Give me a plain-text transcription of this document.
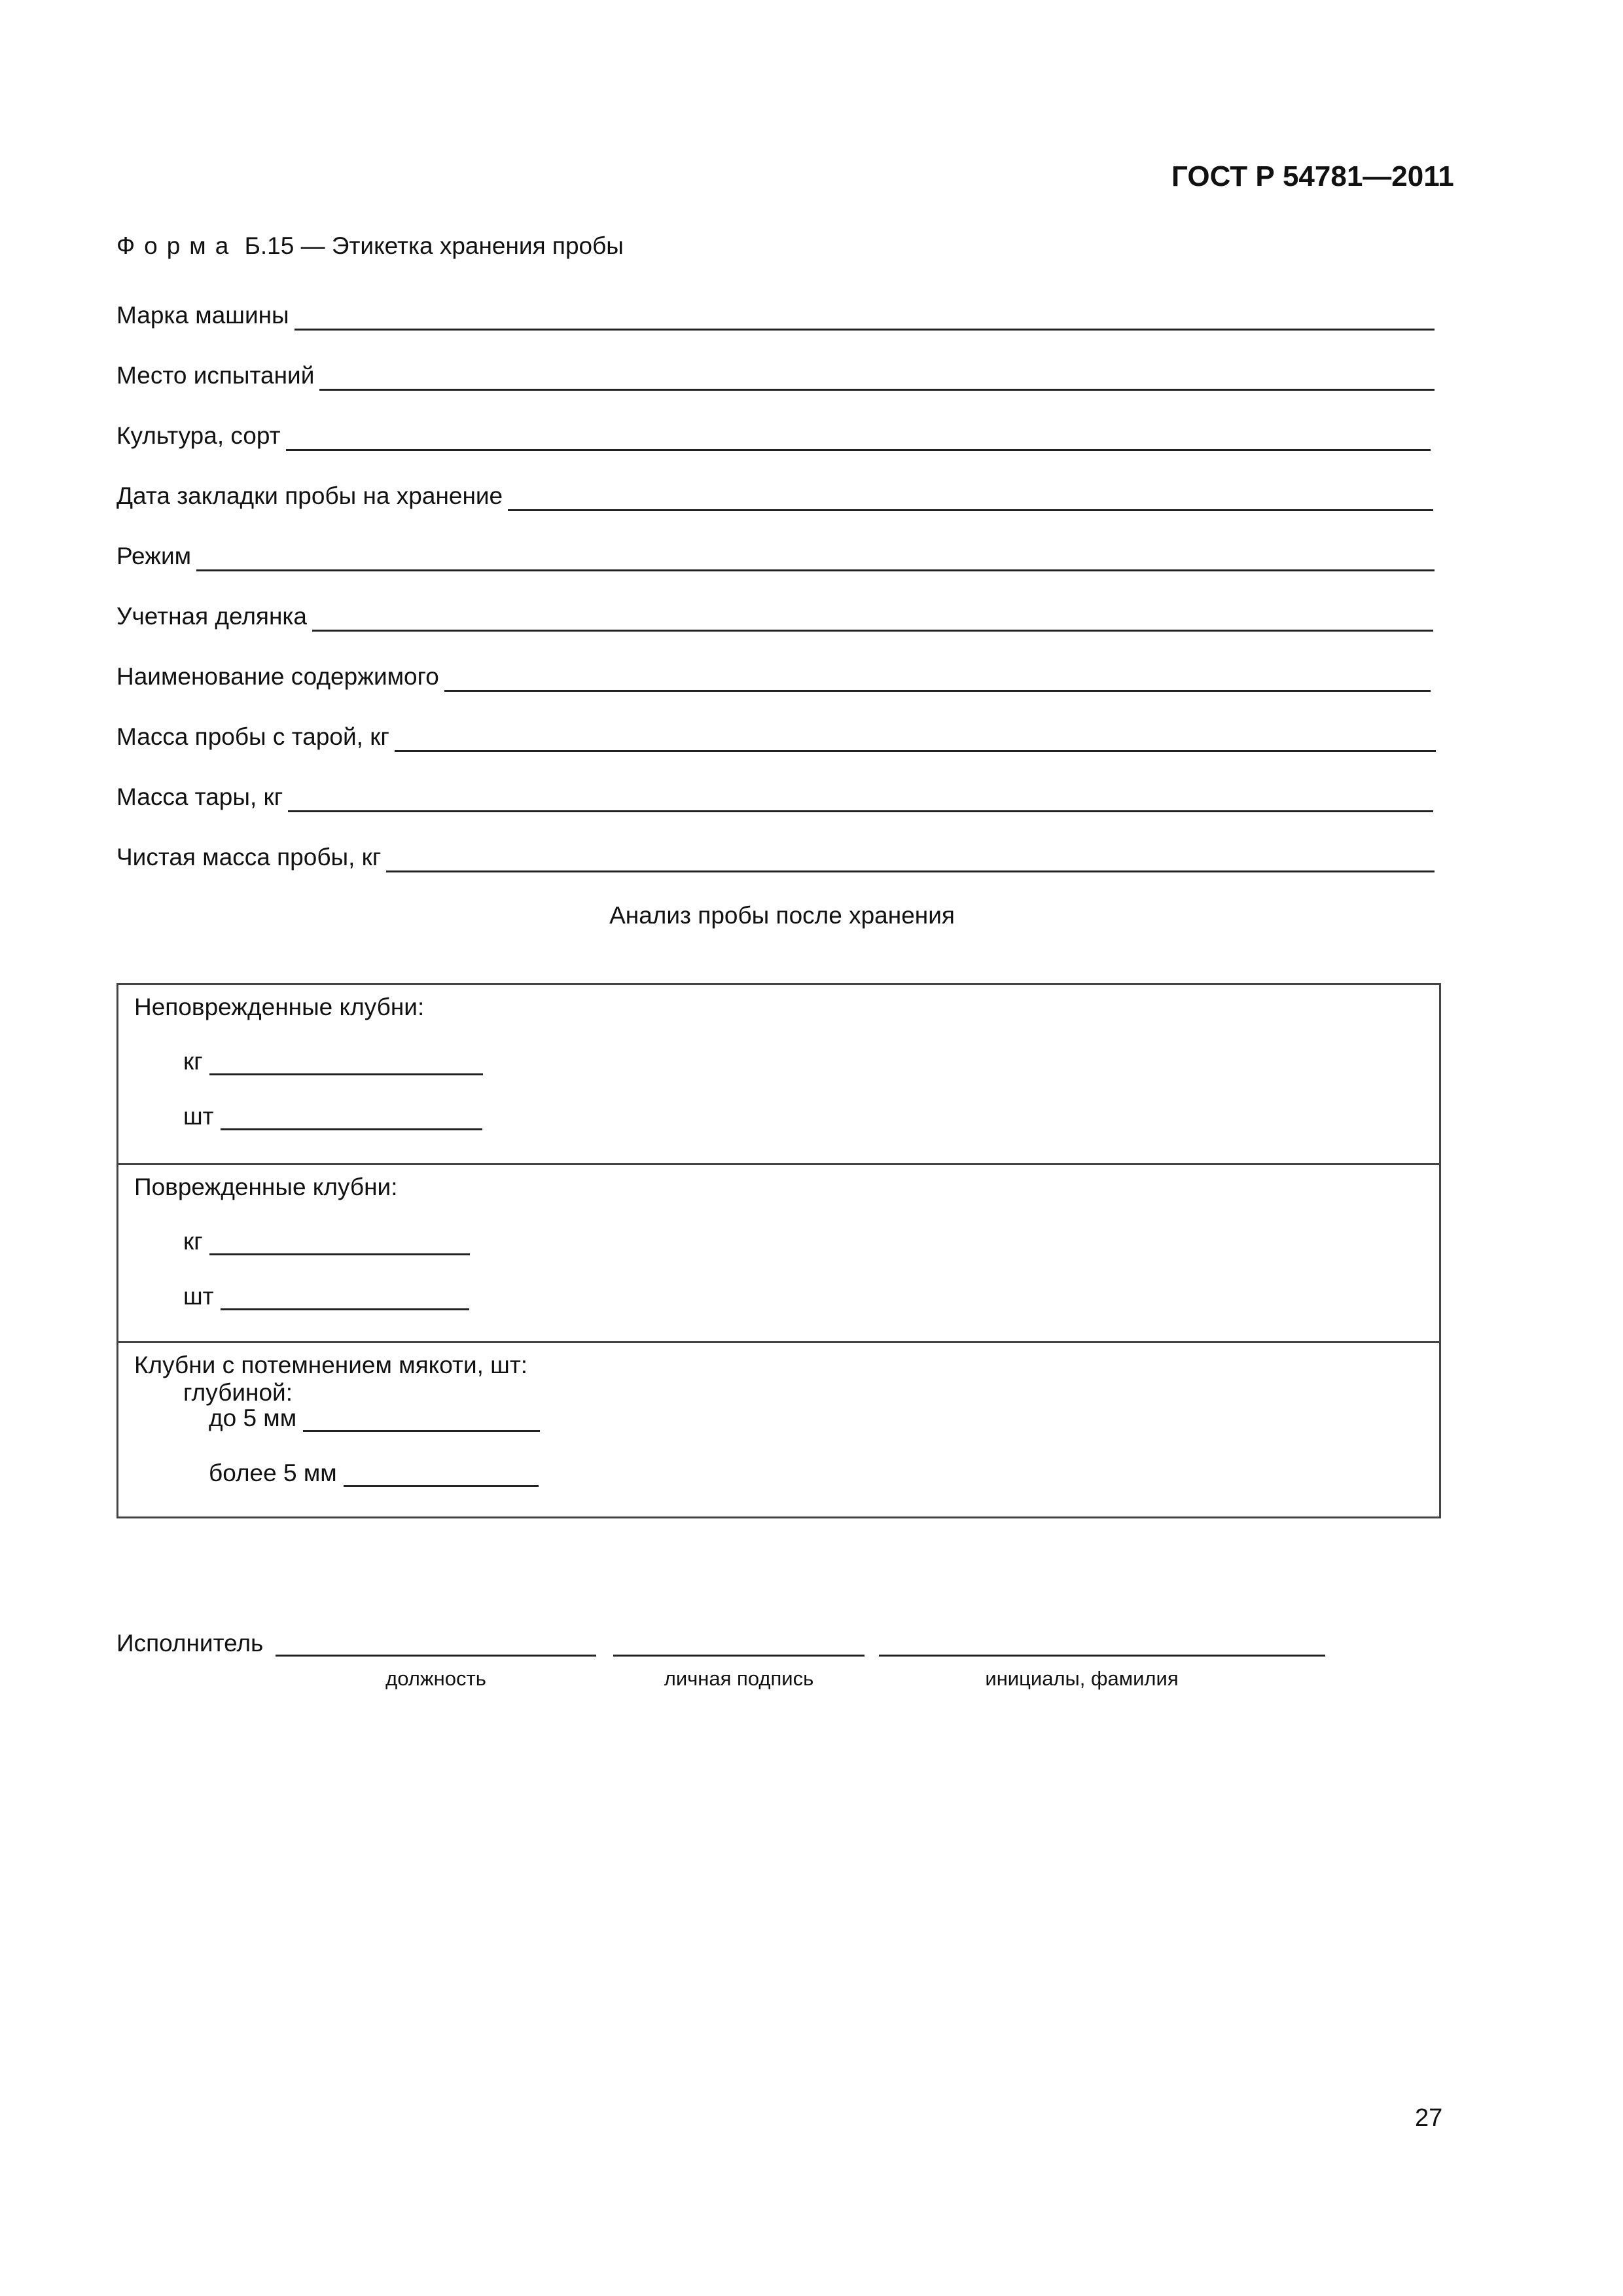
ГОСТ Р 54781—2011
Форма Б.15 — Этикетка хранения пробы
Марка машины
Место испытаний
Культура, сорт
Дата закладки пробы на хранение
Режим
Учетная делянка
Наименование содержимого
Масса пробы с тарой, кг
Масса тары, кг
Чистая масса пробы, кг
Анализ пробы после хранения
Неповрежденные клубни:
кг
шт
Поврежденные клубни:
кг
шт
Клубни с потемнением мякоти, шт:
глубиной:
до 5 мм
более 5 мм
Исполнитель
должность	личная подпись	инициалы, фамилия
27
